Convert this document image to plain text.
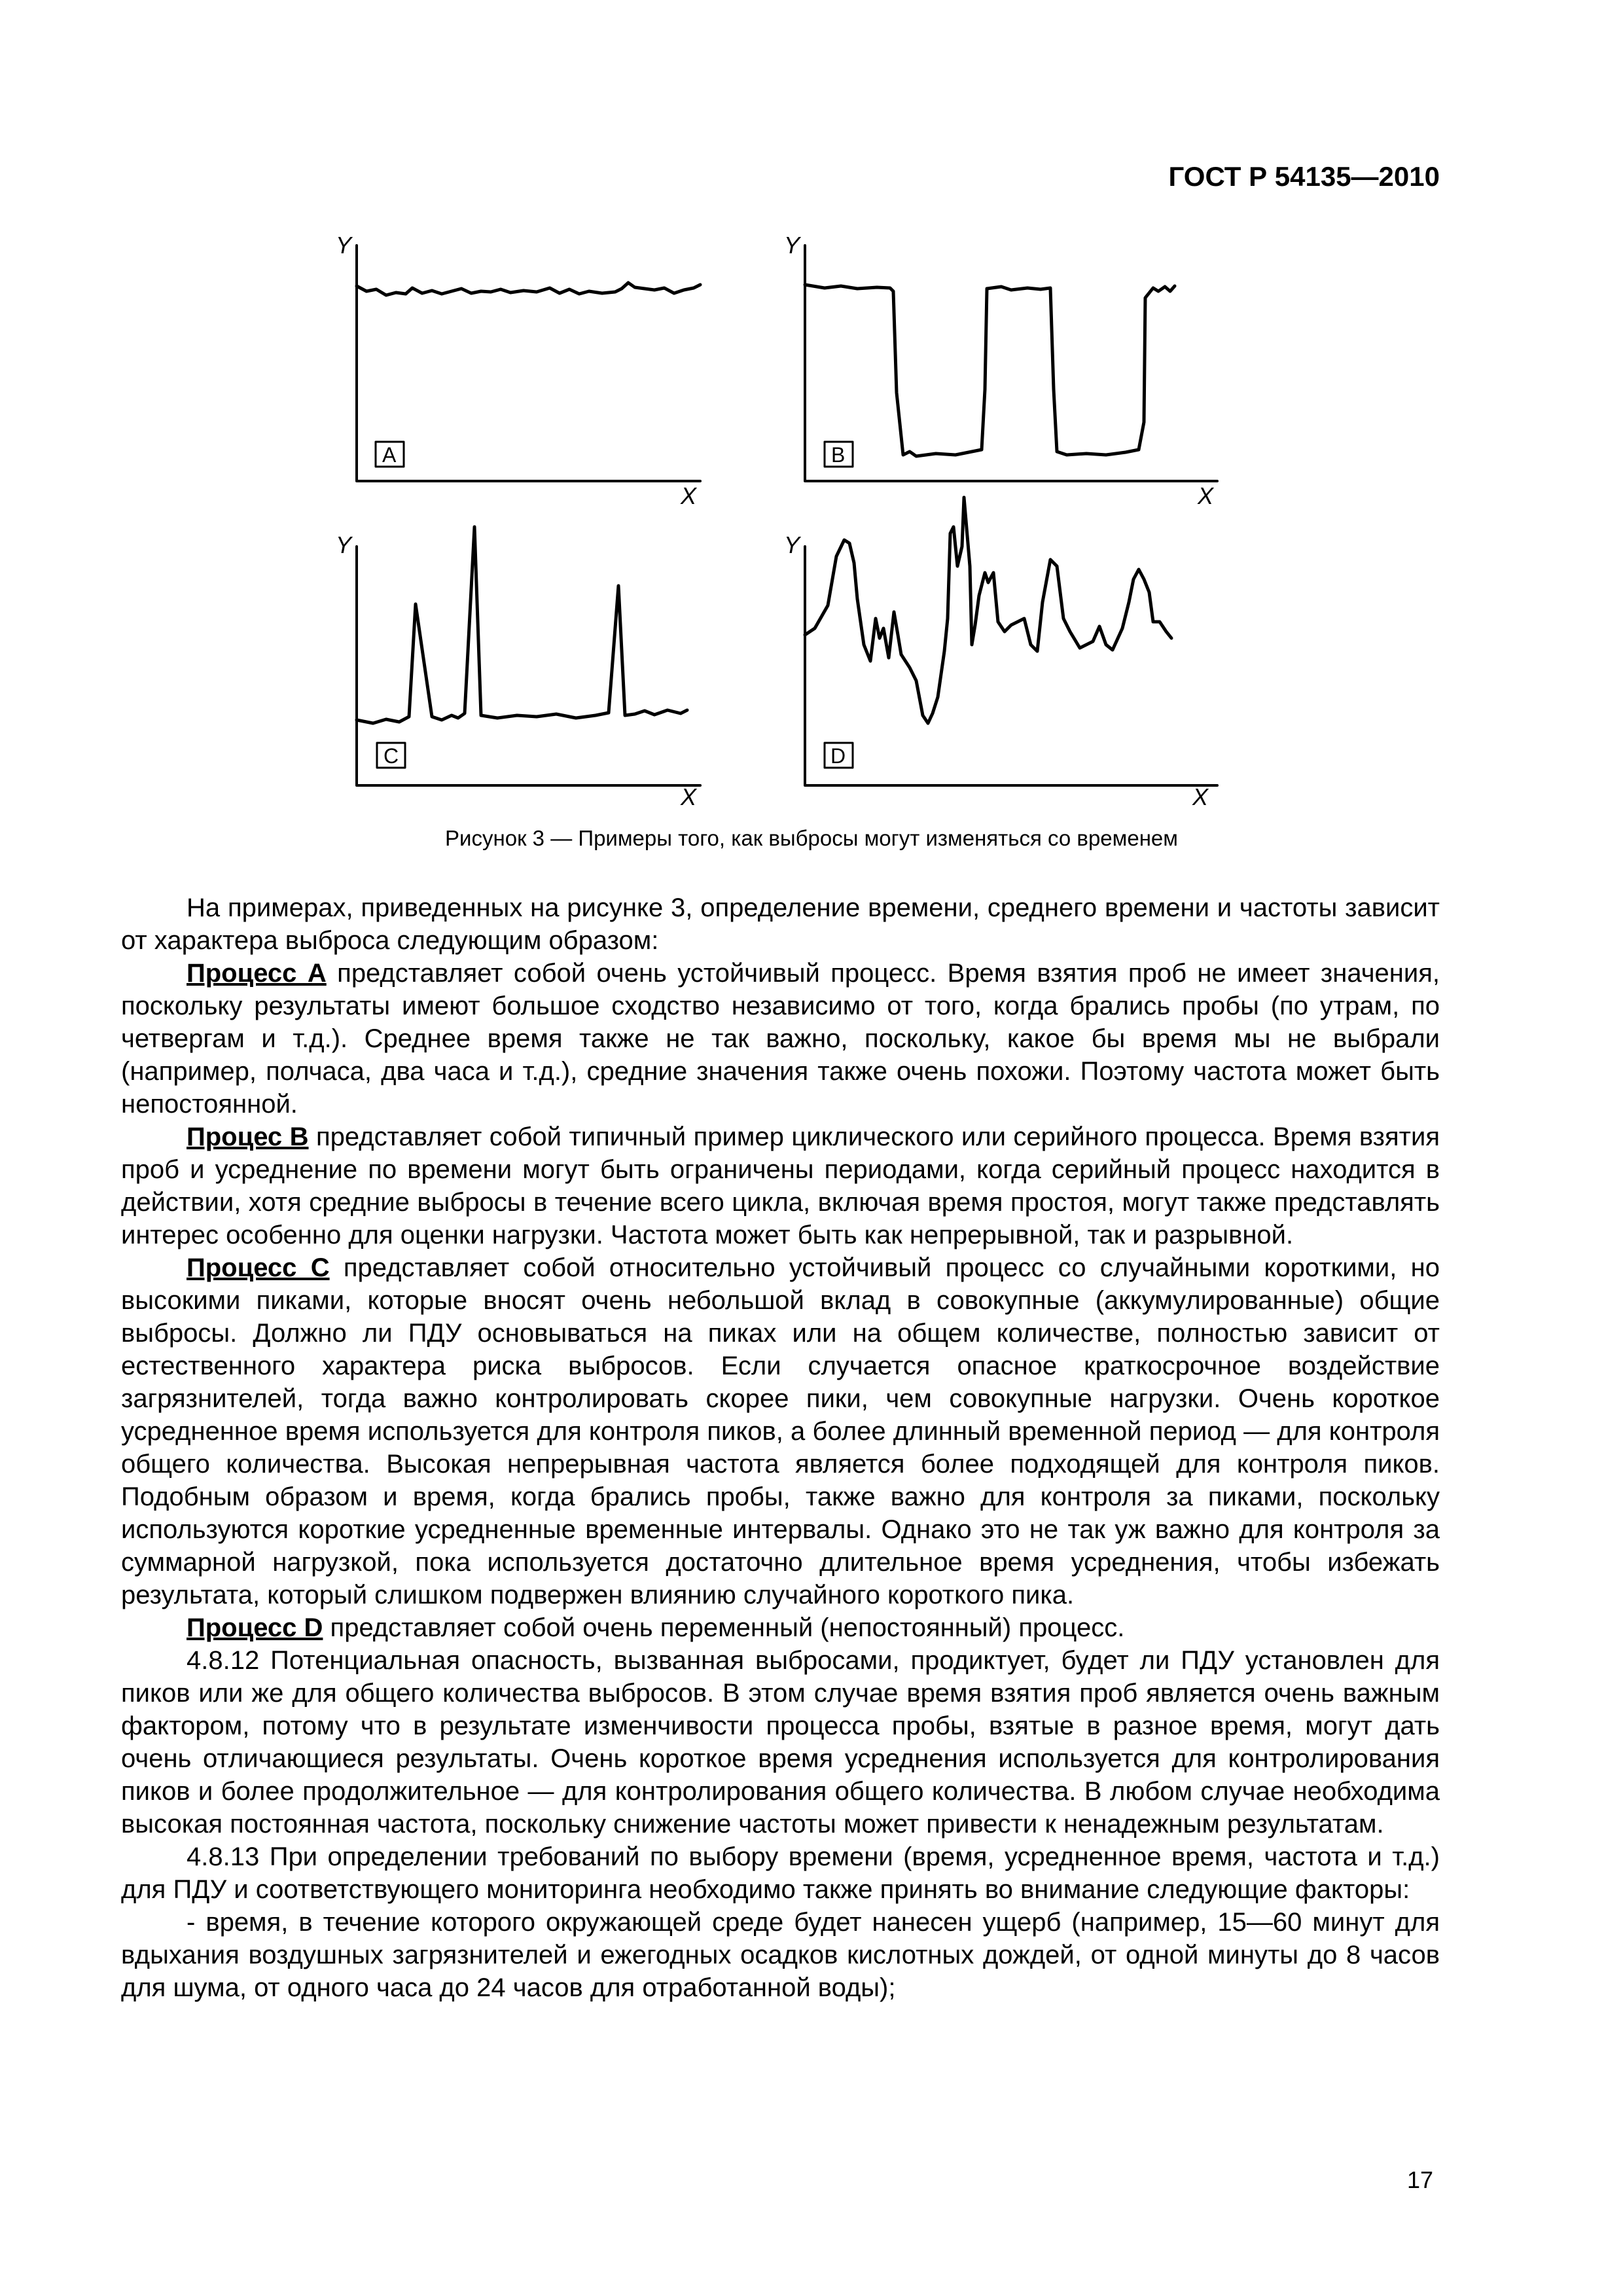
ГОСТ Р 54135—2010
Y
X
Y
X
Y
X
Y
X
A	B
C	D
Рисунок 3 — Примеры того, как выбросы могут изменяться со временем

На примерах, приведенных на рисунке 3, определение времени, среднего времени и частоты зависит от характера выброса следующим образом:

Процесс A представляет собой очень устойчивый процесс. Время взятия проб не имеет значения, поскольку результаты имеют большое сходство независимо от того, когда брались пробы (по утрам, по четвергам и т.д.). Среднее время также не так важно, поскольку, какое бы время мы не выбрали (например, полчаса, два часа и т.д.), средние значения также очень похожи. Поэтому частота может быть непостоянной.

Процес B представляет собой типичный пример циклического или серийного процесса. Время взятия проб и усреднение по времени могут быть ограничены периодами, когда серийный процесс находится в действии, хотя средние выбросы в течение всего цикла, включая время простоя, могут также представлять интерес особенно для оценки нагрузки. Частота может быть как непрерывной, так и разрывной.

Процесс C представляет собой относительно устойчивый процесс со случайными короткими, но высокими пиками, которые вносят очень небольшой вклад в совокупные (аккумулированные) общие выбросы. Должно ли ПДУ основываться на пиках или на общем количестве, полностью зависит от естественного характера риска выбросов. Если случается опасное краткосрочное воздействие загрязнителей, тогда важно контролировать скорее пики, чем совокупные нагрузки. Очень короткое усредненное время используется для контроля пиков, а более длинный временной период — для контроля общего количества. Высокая непрерывная частота является более подходящей для контроля пиков. Подобным образом и время, когда брались пробы, также важно для контроля за пиками, поскольку используются короткие усредненные временные интервалы. Однако это не так уж важно для контроля за суммарной нагрузкой, пока используется достаточно длительное время усреднения, чтобы избежать результата, который слишком подвержен влиянию случайного короткого пика.

Процесс D представляет собой очень переменный (непостоянный) процесс.

4.8.12 Потенциальная опасность, вызванная выбросами, продиктует, будет ли ПДУ установлен для пиков или же для общего количества выбросов. В этом случае время взятия проб является очень важным фактором, потому что в результате изменчивости процесса пробы, взятые в разное время, могут дать очень отличающиеся результаты. Очень короткое время усреднения используется для контролирования пиков и более продолжительное — для контролирования общего количества. В любом случае необходима высокая постоянная частота, поскольку снижение частоты может привести к ненадежным результатам.

4.8.13 При определении требований по выбору времени (время, усредненное время, частота и т.д.) для ПДУ и соответствующего мониторинга необходимо также принять во внимание следующие факторы:

- время, в течение которого окружающей среде будет нанесен ущерб (например, 15—60 минут для вдыхания воздушных загрязнителей и ежегодных осадков кислотных дождей, от одной минуты до 8 часов для шума, от одного часа до 24 часов для отработанной воды);

17
